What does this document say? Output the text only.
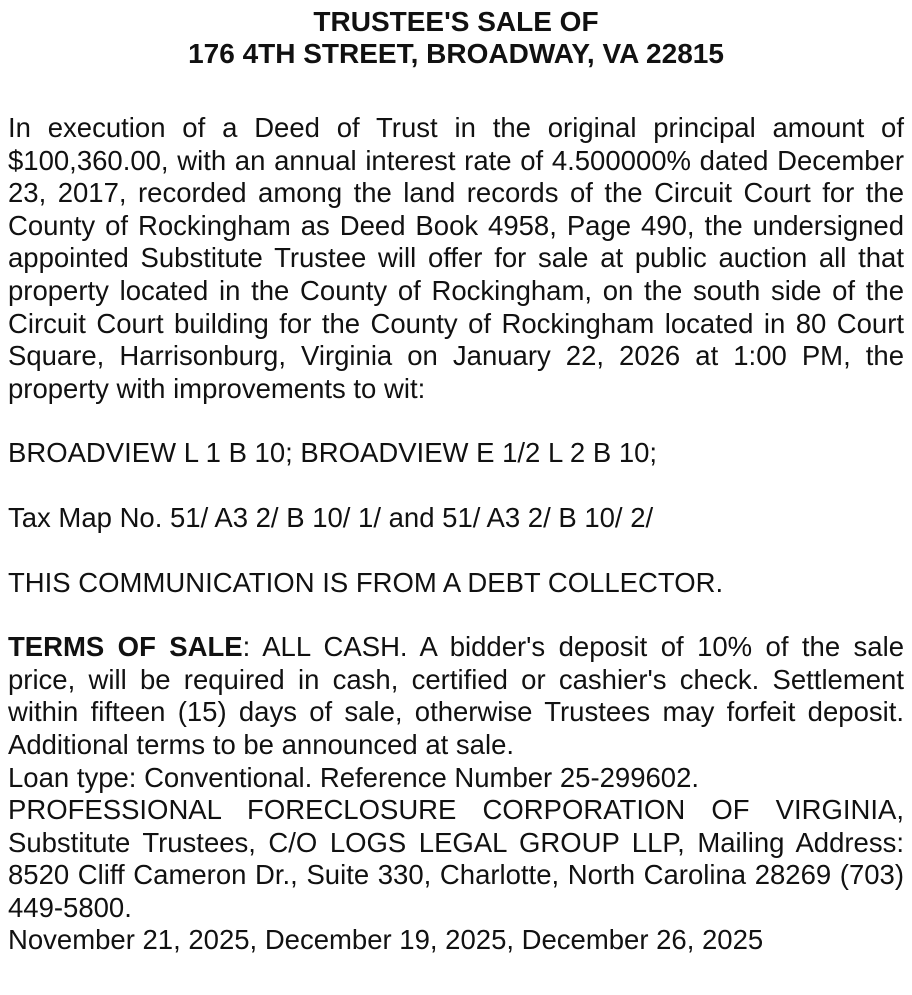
TRUSTEE'S SALE OF
176 4TH STREET, BROADWAY, VA 22815

In execution of a Deed of Trust in the original principal amount of $100,360.00, with an annual interest rate of 4.500000% dated December 23, 2017, recorded among the land records of the Circuit Court for the County of Rockingham as Deed Book 4958, Page 490, the undersigned appointed Substitute Trustee will offer for sale at public auction all that property located in the County of Rockingham, on the south side of the Circuit Court building for the County of Rockingham located in 80 Court Square, Harrisonburg, Virginia on January 22, 2026 at 1:00 PM, the property with improvements to wit:

BROADVIEW L 1 B 10; BROADVIEW E 1/2 L 2 B 10;

Tax Map No. 51/ A3 2/ B 10/ 1/ and 51/ A3 2/ B 10/ 2/

THIS COMMUNICATION IS FROM A DEBT COLLECTOR.

TERMS OF SALE: ALL CASH. A bidder's deposit of 10% of the sale price, will be required in cash, certified or cashier's check. Settlement within fifteen (15) days of sale, otherwise Trustees may forfeit deposit. Additional terms to be announced at sale.

Loan type: Conventional. Reference Number 25-299602.

PROFESSIONAL FORECLOSURE CORPORATION OF VIRGINIA, Substitute Trustees, C/O LOGS LEGAL GROUP LLP, Mailing Address: 8520 Cliff Cameron Dr., Suite 330, Charlotte, North Carolina 28269 (703) 449-5800.

November 21, 2025, December 19, 2025, December 26, 2025
